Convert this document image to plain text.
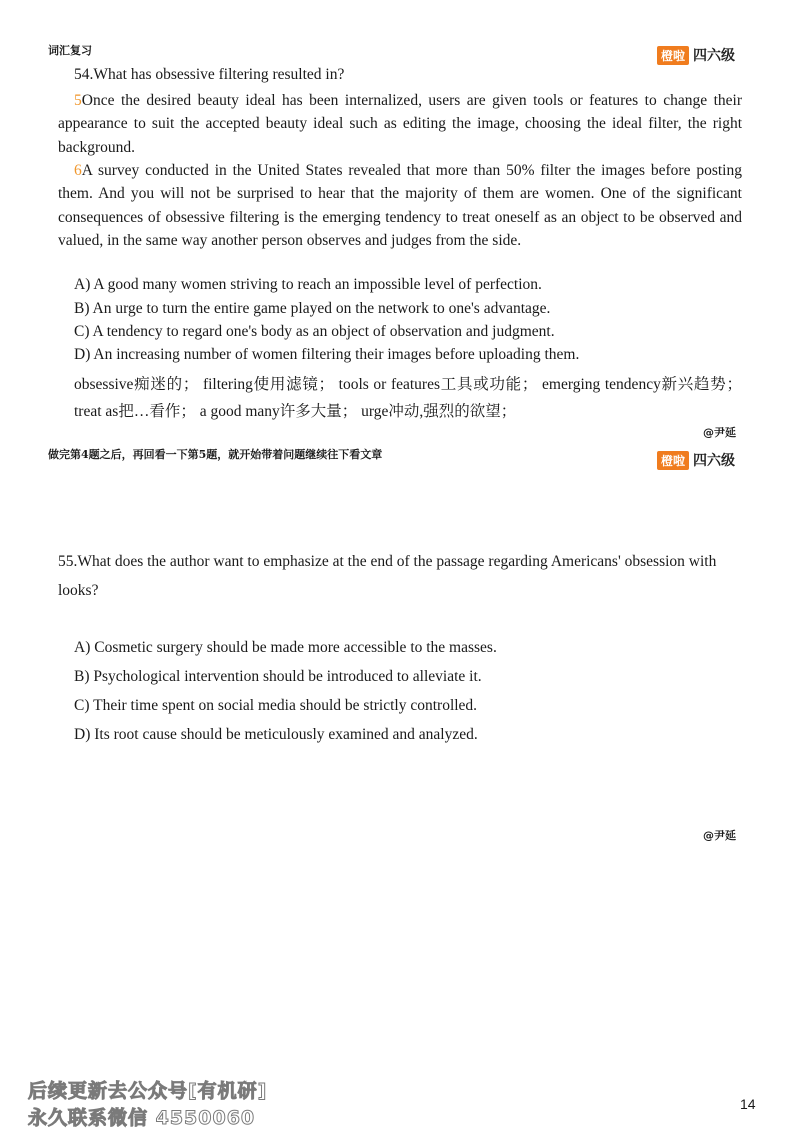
词汇复习	橙啦 四六级
54.What has obsessive filtering resulted in?
5Once the desired beauty ideal has been internalized, users are given tools or features to change their appearance to suit the accepted beauty ideal such as editing the image, choosing the ideal filter, the right background.
6A survey conducted in the United States revealed that more than 50% filter the images before posting them. And you will not be surprised to hear that the majority of them are women. One of the significant consequences of obsessive filtering is the emerging tendency to treat oneself as an object to be observed and valued, in the same way another person observes and judges from the side.
A) A good many women striving to reach an impossible level of perfection.
B) An urge to turn the entire game played on the network to one's advantage.
C) A tendency to regard one's body as an object of observation and judgment.
D) An increasing number of women filtering their images before uploading them.
obsessive痴迷的； filtering使用滤镜； tools or features工具或功能； emerging tendency新兴趋势； treat as把…看作； a good many许多大量； urge冲动,强烈的欲望；
@尹延
做完第4题之后，再回看一下第5题，就开始带着问题继续往下看文章	橙啦 四六级
55.What does the author want to emphasize at the end of the passage regarding Americans' obsession with looks?
A) Cosmetic surgery should be made more accessible to the masses.
B) Psychological intervention should be introduced to alleviate it.
C) Their time spent on social media should be strictly controlled.
D) Its root cause should be meticulously examined and analyzed.
@尹延
后续更新去公众号[有机研]
永久联系微信 4550060
14
